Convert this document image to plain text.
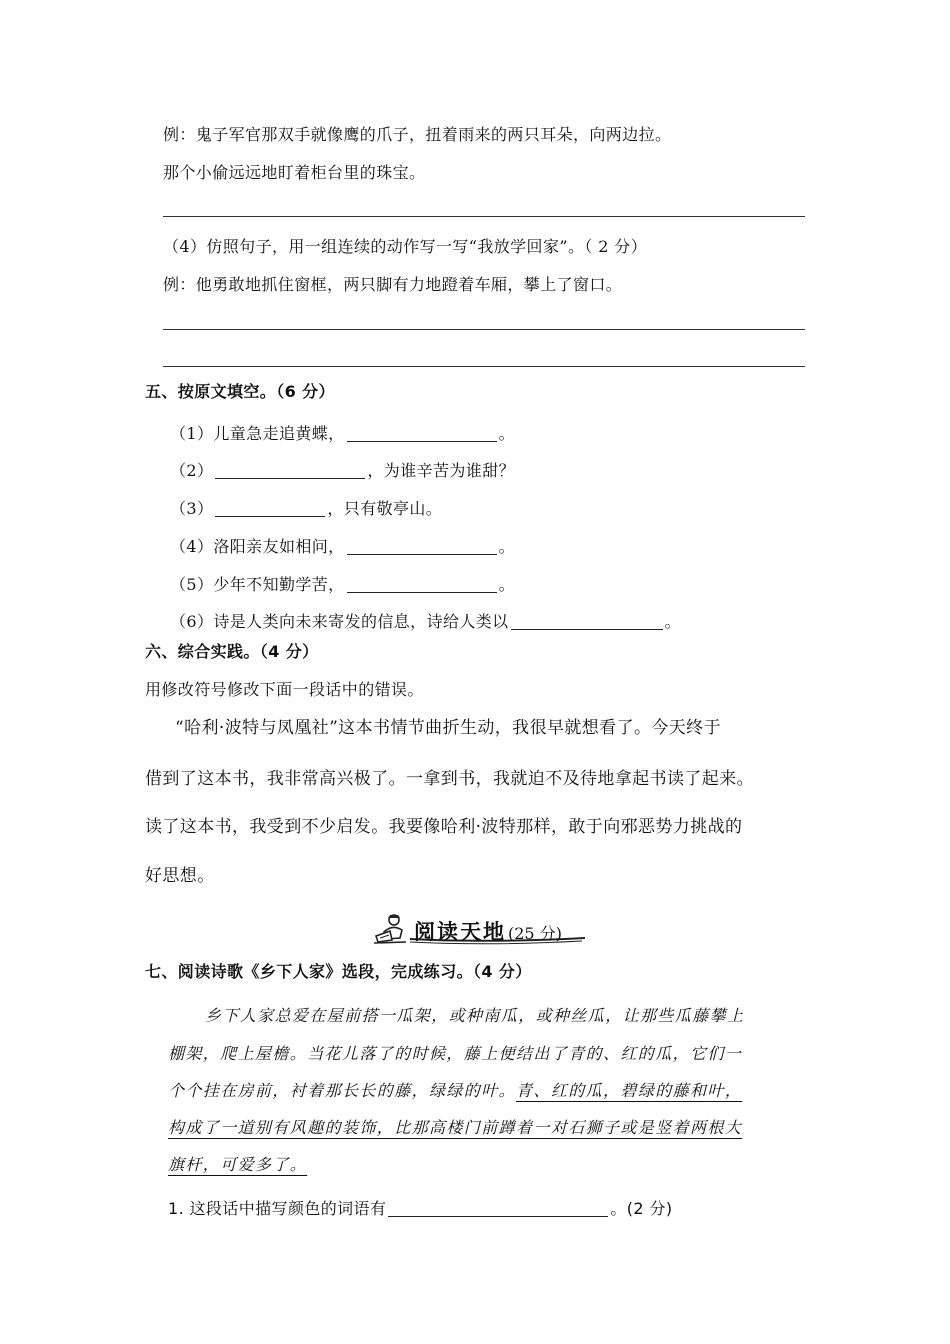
例：鬼子军官那双手就像鹰的爪子，扭着雨来的两只耳朵，向两边拉。
那个小偷远远地盯着柜台里的珠宝。
（4）仿照句子，用一组连续的动作写一写“我放学回家”。（ 2 分）
例：他勇敢地抓住窗框，两只脚有力地蹬着车厢，攀上了窗口。
五、按原文填空。（6 分）
（1）儿童急走追黄蝶，	。
（2）	，为谁辛苦为谁甜？
（3）	，只有敬亭山。
（4）洛阳亲友如相问，	。
（5）少年不知勤学苦，	。
（6）诗是人类向未来寄发的信息，诗给人类以	。
六、综合实践。（4 分）
用修改符号修改下面一段话中的错误。
“哈利·波特与凤凰社”这本书情节曲折生动，我很早就想看了。今天终于
借到了这本书，我非常高兴极了。一拿到书，我就迫不及待地拿起书读了起来。
读了这本书，我受到不少启发。我要像哈利·波特那样，敢于向邪恶势力挑战的
好思想。
阅读天地 (25 分)
七、阅读诗歌《乡下人家》选段，完成练习。（4 分）
乡下人家总爱在屋前搭一瓜架，或种南瓜，或种丝瓜，让那些瓜藤攀上
棚架，爬上屋檐。当花儿落了的时候，藤上便结出了青的、红的瓜，它们一
个个挂在房前，衬着那长长的藤，绿绿的叶。青、红的瓜，碧绿的藤和叶，
构成了一道别有风趣的装饰，比那高楼门前蹲着一对石狮子或是竖着两根大
旗杆，可爱多了。
1. 这段话中描写颜色的词语有	。(2 分)
